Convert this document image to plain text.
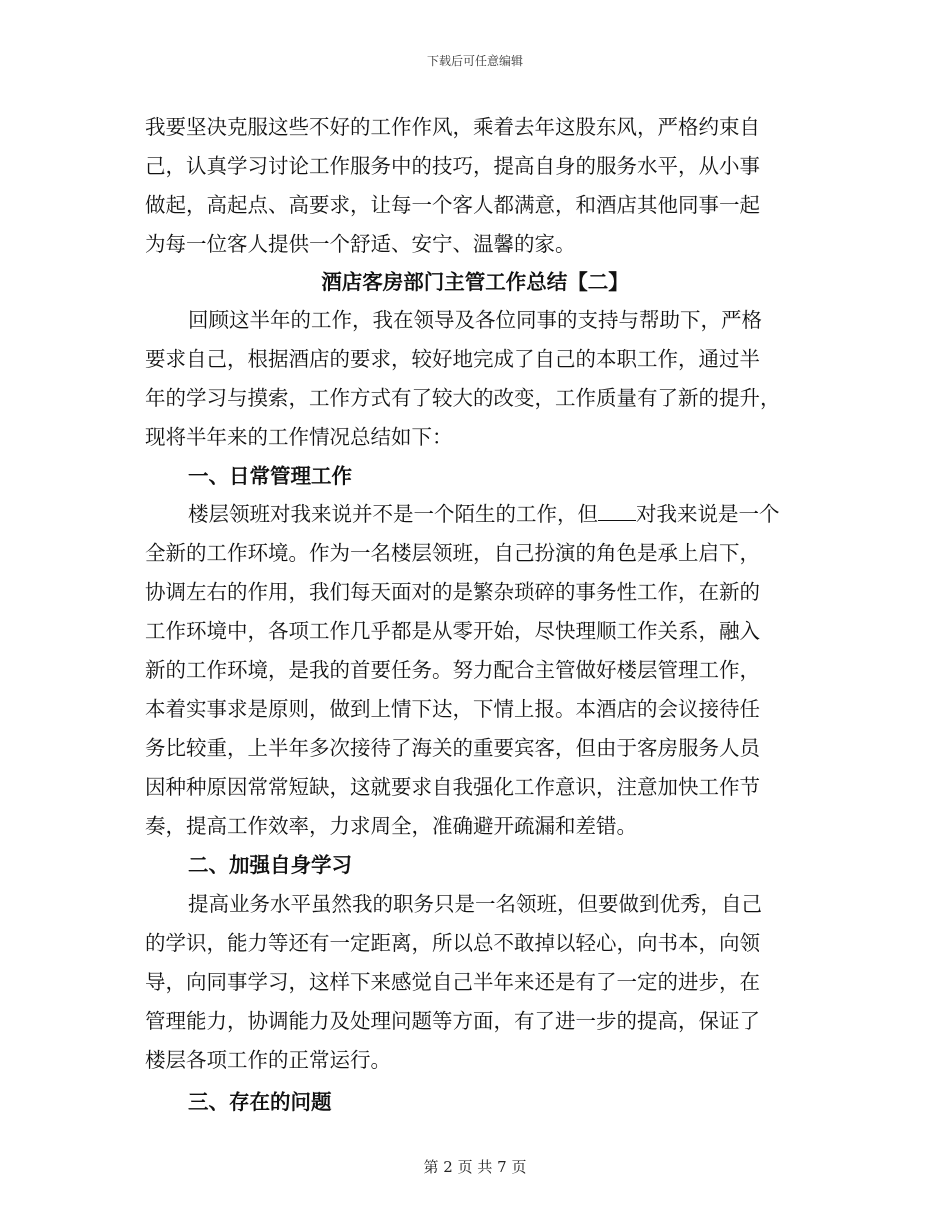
下载后可任意编辑
我要坚决克服这些不好的工作作风，乘着去年这股东风，严格约束自
己，认真学习讨论工作服务中的技巧，提高自身的服务水平，从小事
做起，高起点、高要求，让每一个客人都满意，和酒店其他同事一起
为每一位客人提供一个舒适、安宁、温馨的家。
酒店客房部门主管工作总结【二】
回顾这半年的工作，我在领导及各位同事的支持与帮助下，严格
要求自己，根据酒店的要求，较好地完成了自己的本职工作，通过半
年的学习与摸索，工作方式有了较大的改变，工作质量有了新的提升，
现将半年来的工作情况总结如下：
一、日常管理工作
楼层领班对我来说并不是一个陌生的工作，但 对我来说是一个
全新的工作环境。作为一名楼层领班，自己扮演的角色是承上启下，
协调左右的作用，我们每天面对的是繁杂琐碎的事务性工作，在新的
工作环境中，各项工作几乎都是从零开始，尽快理顺工作关系，融入
新的工作环境，是我的首要任务。努力配合主管做好楼层管理工作，
本着实事求是原则，做到上情下达，下情上报。本酒店的会议接待任
务比较重，上半年多次接待了海关的重要宾客，但由于客房服务人员
因种种原因常常短缺，这就要求自我强化工作意识，注意加快工作节
奏，提高工作效率，力求周全，准确避开疏漏和差错。
二、加强自身学习
提高业务水平虽然我的职务只是一名领班，但要做到优秀，自己
的学识，能力等还有一定距离，所以总不敢掉以轻心，向书本，向领
导，向同事学习，这样下来感觉自己半年来还是有了一定的进步，在
管理能力，协调能力及处理问题等方面，有了进一步的提高，保证了
楼层各项工作的正常运行。
三、存在的问题
第 2 页 共 7 页
